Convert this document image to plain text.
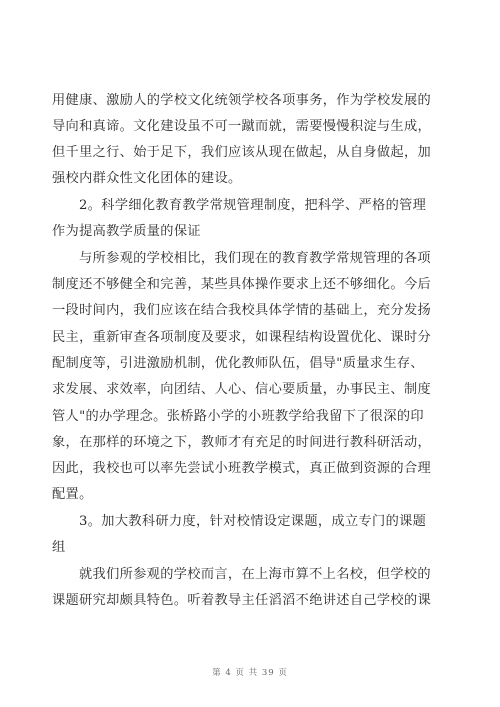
用健康、激励人的学校文化统领学校各项事务，作为学校发展的
导向和真谛。文化建设虽不可一蹴而就，需要慢慢积淀与生成，
但千里之行、始于足下，我们应该从现在做起，从自身做起，加
强校内群众性文化团体的建设。
2。科学细化教育教学常规管理制度，把科学、严格的管理
作为提高教学质量的保证
与所参观的学校相比，我们现在的教育教学常规管理的各项
制度还不够健全和完善，某些具体操作要求上还不够细化。今后
一段时间内，我们应该在结合我校具体学情的基础上，充分发扬
民主，重新审查各项制度及要求，如课程结构设置优化、课时分
配制度等，引进激励机制，优化教师队伍，倡导"质量求生存、
求发展、求效率，向团结、人心、信心要质量，办事民主、制度
管人"的办学理念。张桥路小学的小班教学给我留下了很深的印
象，在那样的环境之下，教师才有充足的时间进行教科研活动，
因此，我校也可以率先尝试小班教学模式，真正做到资源的合理
配置。
3。加大教科研力度，针对校情设定课题，成立专门的课题
组
就我们所参观的学校而言，在上海市算不上名校，但学校的
课题研究却颇具特色。听着教导主任滔滔不绝讲述自己学校的课
第 4 页 共 39 页
